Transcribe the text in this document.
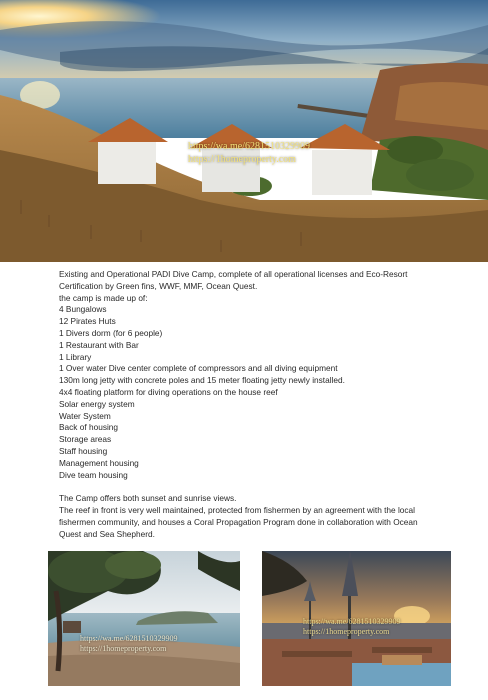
https://wa.me/6281510329909
https://1homeproperty.com

Existing and Operational PADI Dive Camp, complete of all operational licenses and Eco-Resort Certification by Green fins, WWF, MMF, Ocean Quest.

the camp is made up of:

4 Bungalows
12 Pirates Huts
1 Divers dorm (for 6 people)
1 Restaurant with Bar
1 Library
1 Over water Dive center complete of compressors and all diving equipment
130m long jetty with concrete poles and 15 meter floating jetty newly installed.
4x4 floating platform for diving operations on the house reef
Solar energy system
Water System
Back of housing
Storage areas
Staff housing
Management housing
Dive team housing

The Camp offers both sunset and sunrise views.

The reef in front is very well maintained, protected from fishermen by an agreement with the local fishermen community, and houses a Coral Propagation Program done in collaboration with Ocean Quest and Sea Shepherd.

https://wa.me/6281510329909
https://1homeproperty.com
https://wa.me/6281510329909
https://1homeproperty.com
